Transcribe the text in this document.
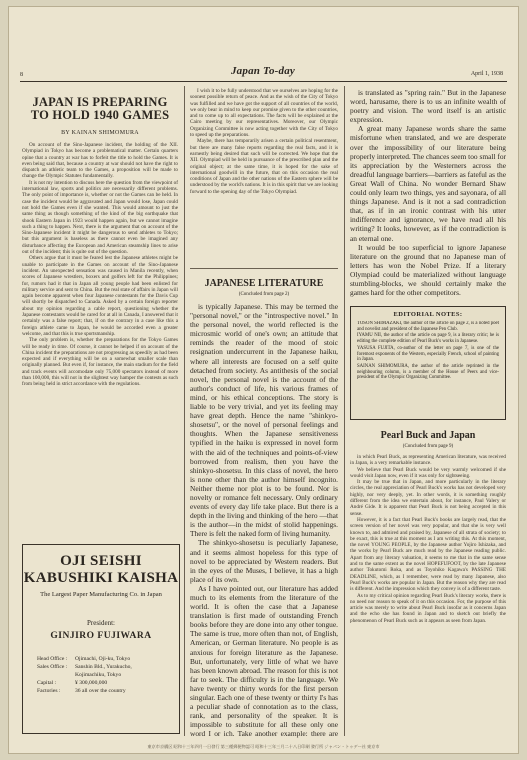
8	Japan To-day	April 1, 1938
JAPAN IS PREPARING TO HOLD 1940 GAMES
BY KAINAN SHIMOMURA

On account of the Sino-Japanese incident, the holding of the XII. Olympiad in Tokyo has become a problematical matter. Certain quarters opine that a country at war has to forfeit the title to hold the Games. It is even being said that, because a country at war should not have the right to dispatch an athletic team to the Games, a proposition will be made to change the Olympic Statutes fundamentally.

It is not my intention to discuss here the question from the viewpoint of international law, sports and politics are necessarily different problems. The only point of importance is, whether or not the Games can be held. In case the incident would be aggravated and Japan would lose, Japan could not hold the Games even if she wanted. This would amount to just the same thing as though something of the kind of the big earthquake that shook Eastern Japan in 1923 would happen again, but we cannot imagine such a thing to happen. Next, there is the argument that on account of the Sino-Japanese incident it might be dangerous to send athletes to Tokyo; but this argument is baseless as there cannot even be imagined any disturbance affecting the European and American steamship lines to arise out of the incident; this is quite out of the question.

Others argue that it must be feared lest the Japanese athletes might be unable to participate in the Games on account of the Sino-Japanese incident. An unexpected sensation was caused in Manila recently, when scores of Japanese wrestlers, boxers and golfers left for the Philippines; for, rumors had it that in Japan all young people had been enlisted for military service and sent to China. But the real state of affairs in Japan will again become apparent when four Japanese contestants for the Davis Cup will shortly be dispatched to Canada. Asked by a certain foreign reporter about my opinion regarding a cable report, questioning whether the Japanese contestants would be cared for at all in Canada, I answered that it certainly was a false report; that, if on the contrary in a case like this a foreign athlete came to Japan, he would be accorded even a greater welcome, and that this is true sportsmanship.

The only problem is, whether the preparations for the Tokyo Games will be ready in time. Of course, it cannot be helped if on account of the China incident the preparations are not progressing as speedily as had been expected and if everything will be on a somewhat smaller scale than originally planned. But even if, for instance, the main stadium for the field and track events will accomodate only 75,000 spectators instead of more than 100,000, this will not in the slightest way hamper the contests as such from being held in strict accordance with the regulations.

OJI SEISHI KABUSHIKI KAISHA
The Largest Paper Manufacturing Co. in Japan
President:
GINJIRO FUJIWARA
Head Office : Ojimachi, Oji-ku, Tokyo
Sales Office : Sanshin Bld., Yurakucho,
Kojimachiku, Tokyo
Capital :	¥ 300,000,000
Factories :	36 all over the country

I wish it to be fully understood that we ourselves are hoping for the soonest possible return of peace. And as the wish of the City of Tokyo was fulfilled and we have got the support of all countries of the world, we only bear in mind to keep our promise given to the other countries, and to come up to all expectations. The facts will be explained at the Cairo meeting by our representatives. Moreover, our Olympic Organizing Committee is now acting together with the City of Tokyo to speed up the preparations.

Maybe, there has temporarily arisen a certain political resentment, but there are many false reports regarding the real facts, and it is earnestly being desired that such will be corrected. We hope that the XII. Olympiad will be held in pursuance of the prescribed plan and the original object; at the same time, it is hoped for the sake of international goodwill in the future, that on this occasion the real conditions of Japan and the other nations of the Eastern sphere will be understood by the world's nations. It is in this spirit that we are looking forward to the opening day of the Tokyo Olympiad.

JAPANESE LITERATURE
(Concluded from page 2)

is typically Japanese. This may be termed the "personal novel," or the "introspective novel." In the personal novel, the world reflected is the microsmic world of one's own; an attitude that reminds the reader of the mood of stoic resignation undercurrent in the Japanese haiku, where all interests are focused on a self quite detached from society. As antithesis of the social novel, the personal novel is the account of the author's conduct of life, his various frames of mind, or his ethical conceptions. The story is liable to be very trivial, and yet its feeling may have great depth. Hence the name "shinkyo-shosetsu", or the novel of personal feelings and thoughts. When the Japanese sensitiveness typified in the haiku is expressed in novel form with the aid of the techniques and points-of-view borrowed from realism, then you have the shinkyo-shosetsu. In this class of novel, the hero is none other than the author himself incognito. Neither theme nor plot is to be found. Nor is novelty or romance felt necessary. Only ordinary events of every day life take place. But there is a depth in the living and thinking of the hero —that is the author—in the midst of stolid happenings. There is felt the naked form of living humanity.

The shinkyo-shosetsu is peculiarly Japanese, and it seems almost hopeless for this type of novel to be appreciated by Western readers. But in the eyes of the Muses, I believe, it has a high place of its own.

As I have pointed out, our literature has added much to its elements from the literature of the world. It is often the case that a Japanese translation is first made of outstanding French books before they are done into any other tongue. The same is true, more often than not, of English, American, or German literature. No people is as anxious for foreign literature as the Japanese. But, unfortunately, very little of what we have has been known abroad. The reason for this is not far to seek. The difficulty is in the language. We have twenty or thirty words for the first person singular. Each one of these twenty or thirty I's has a peculiar shade of connotation as to the class, rank, and personality of the speaker. It is impossible to substitute for all these only one word I or ich. Take another example: there are

is translated as "spring rain." But in the Japanese word, harusame, there is to us an infinite wealth of poetry and vision. The word itself is an artistic expression.

A great many Japanese words share the same misfortune when translated, and we are desperate over the impossibility of our literature being properly interpreted. The chances seem too small for its appreciation by the Westerners across the dreadful language barriers—barriers as fateful as the Great Wall of China. No wonder Bernard Shaw could only learn two things, yes and sayonara, of all things Japanese. And is it not a sad contradiction that, as if in an ironic contrast with his utter indifference and ignorance, we have read all his writing? It looks, however, as if the contradiction is an eternal one.

It would be too superficial to ignore Japanese literature on the ground that no Japanese man of letters has won the Nobel Prize. If a literary Olympiad could be materialized without language stumbling-blocks, we should certainly make the games hard for the other competitors.

EDITORIAL NOTES:

TOSON SHIMAZAKI, the author of the article on page 2, is a noted poet and novelist and president of the Japanese Pen Club.

IYAMU NII, the author of the article on page 9, is a literary critic; he is editing the complete edition of Pearl Buck's works in Japanese.

YASUSA FUJITA, co-author of the letter on page 7, is one of the foremost exponents of the Western, especially French, school of painting in Japan.

SAINAN SHIMOMURA, the author of the article reprinted in the neighbouring column, is a member of the House of Peers and vice-president of the Olympic Organizing Committee.

Pearl Buck and Japan
(Concluded from page 9)

in which Pearl Buck, as representing American literature, was received in Japan, is a very remarkable instance.

We believe that Pearl Buck would be very warmly welcomed if she would visit Japan now, even if it was only for sightseeing.

It may be true that in Japan, and more particularly in the literary circles, the real appreciation of Pearl Buck's works has not developed very highly, nor very deeply, yet. In other words, it is something roughly different from the idea we entertain about, for instance, Paul Valery or André Gide. It is apparent that Pearl Buck is not being accepted in this sense.

However, it is a fact that Pearl Buck's books are largely read, that the screen version of her novel was very popular, and that she is very well known to, and admired and praised by, Japanese of all strata of society; to be exact, this is true at this moment as I am writing this. At this moment, the novel YOUNG PEOPLE, by the Japanese author Yojiro Ishizaka, and the works by Pearl Buck are much read by the Japanese reading public. Apart from any literary valuation, it seems to me that in the same sense and to the same extent as the novel HOPEFUFOOT, by the late Japanese author Tokutomi Roka, and as Toyohiko Kagawa's PASSING THE DEADLINE, which, as I remember, were read by many Japanese, also Pearl Buck's works are popular in Japan. But the reason why they are read is different. And the impression which they convey is of a different taste.

As to my critical opinion regarding Pearl Buck's literary works, there is no need nor reason to speak of it on this occasion. For, the purpose of this article was merely to write about Pearl Buck insofar as it concerns Japan and the echo she has found in Japan and to sketch out briefly the phenomenon of Pearl Buck such as it appears as seen from Japan.

東京市京橋区 昭和十三年四月一日發行 第三種郵便物認可 昭和十三年三月二十八日印刷 發行所 ジャパン・トゥデー社 東京市
